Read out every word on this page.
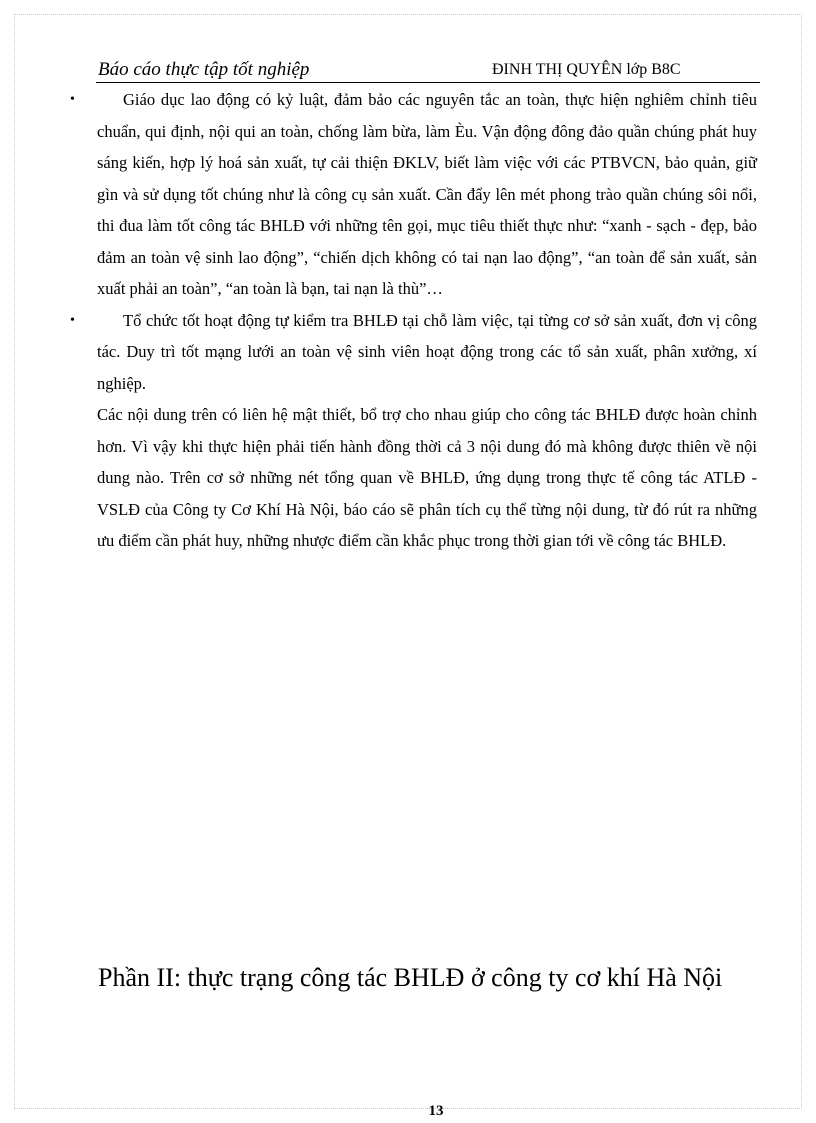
Báo cáo thực tập tốt nghiệp	ĐINH THỊ QUYÊN lớp B8C

•	Giáo dục lao động có kỷ luật, đảm bảo các nguyên tắc an toàn, thực hiện nghiêm chỉnh tiêu chuẩn, qui định, nội qui an toàn, chống làm bừa, làm Èu. Vận động đông đảo quần chúng phát huy sáng kiến, hợp lý hoá sản xuất, tự cải thiện ĐKLV, biết làm việc với các PTBVCN, bảo quản, giữ gìn và sử dụng tốt chúng như là công cụ sản xuất. Cần đẩy lên mét phong trào quần chúng sôi nổi, thi đua làm tốt công tác BHLĐ với những tên gọi, mục tiêu thiết thực như: “xanh - sạch - đẹp, bảo đảm an toàn vệ sinh lao động”, “chiến dịch không có tai nạn lao động”, “an toàn để sản xuất, sản xuất phải an toàn”, “an toàn là bạn, tai nạn là thù”…

•	Tổ chức tốt hoạt động tự kiểm tra BHLĐ tại chỗ làm việc, tại từng cơ sở sản xuất, đơn vị công tác. Duy trì tốt mạng lưới an toàn vệ sinh viên hoạt động trong các tổ sản xuất, phân xưởng, xí nghiệp.

Các nội dung trên có liên hệ mật thiết, bổ trợ cho nhau giúp cho công tác BHLĐ được hoàn chỉnh hơn. Vì vậy khi thực hiện phải tiến hành đồng thời cả 3 nội dung đó mà không được thiên về nội dung nào. Trên cơ sở những nét tổng quan về BHLĐ, ứng dụng trong thực tế công tác ATLĐ - VSLĐ của Công ty Cơ Khí Hà Nội, báo cáo sẽ phân tích cụ thể từng nội dung, từ đó rút ra những ưu điểm cần phát huy, những nhược điểm cần khắc phục trong thời gian tới về công tác BHLĐ.

Phần II: thực trạng công tác BHLĐ ở công ty cơ khí Hà Nội
13
